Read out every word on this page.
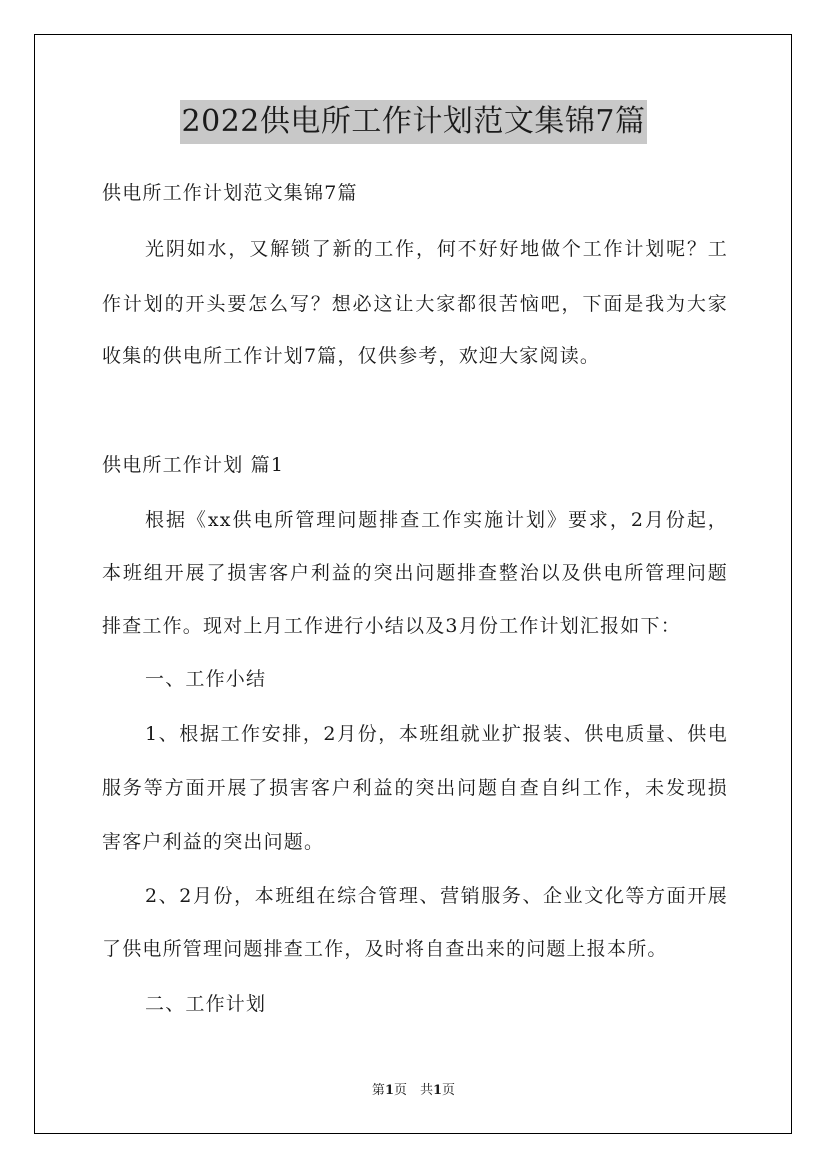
2022供电所工作计划范文集锦7篇
供电所工作计划范文集锦7篇
光阴如水，又解锁了新的工作，何不好好地做个工作计划呢？工
作计划的开头要怎么写？想必这让大家都很苦恼吧，下面是我为大家
收集的供电所工作计划7篇，仅供参考，欢迎大家阅读。
供电所工作计划 篇1
根据《xx供电所管理问题排查工作实施计划》要求，2月份起，
本班组开展了损害客户利益的突出问题排查整治以及供电所管理问题
排查工作。现对上月工作进行小结以及3月份工作计划汇报如下：
一、工作小结
1、根据工作安排，2月份，本班组就业扩报装、供电质量、供电
服务等方面开展了损害客户利益的突出问题自查自纠工作，未发现损
害客户利益的突出问题。
2、2月份，本班组在综合管理、营销服务、企业文化等方面开展
了供电所管理问题排查工作，及时将自查出来的问题上报本所。
二、工作计划
第1页　共1页
